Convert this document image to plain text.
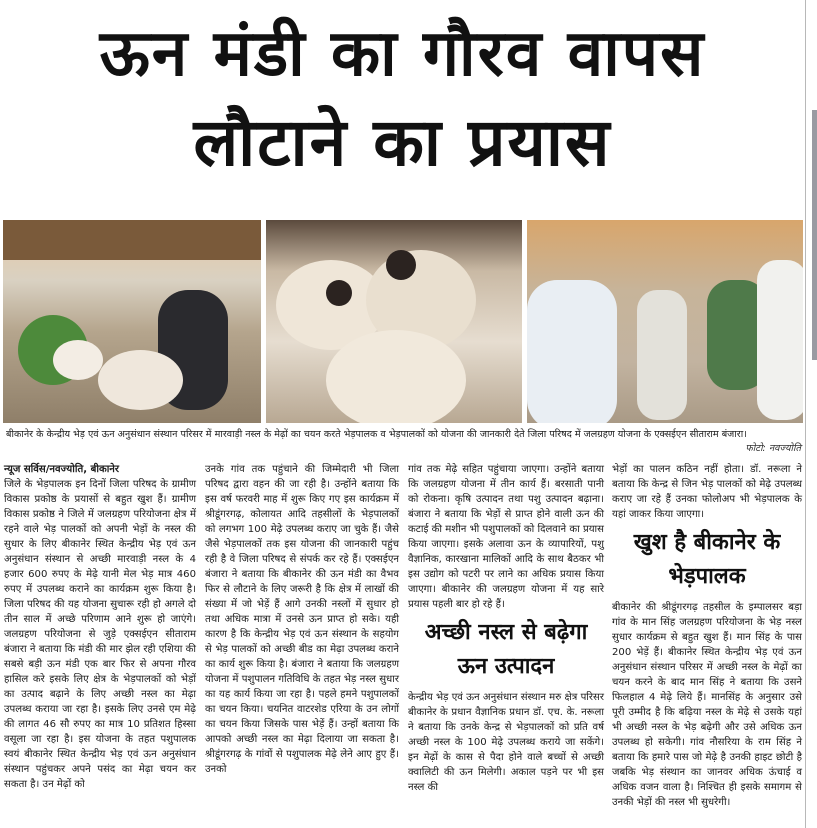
ऊन मंडी का गौरव वापस
लौटाने का प्रयास
बीकानेर के केन्द्रीय भेड़ एवं ऊन अनुसंधान संस्थान परिसर में मारवाड़ी नस्ल के मेढ़ों का चयन करते भेड़पालक व भेड़पालकों को योजना की जानकारी देते जिला परिषद में जलग्रहण योजना के एक्सईएन सीताराम बंजारा।
फोटो: नवज्योति

न्यूज सर्विस/नवज्योति, बीकानेर

जिले के भेड़पालक इन दिनों जिला परिषद के ग्रामीण विकास प्रकोष्ठ के प्रयासों से बहुत खुश हैं। ग्रामीण विकास प्रकोष्ठ ने जिले में जलग्रहण परियोजना क्षेत्र में रहने वाले भेड़ पालकों को अपनी भेड़ों के नस्ल की सुधार के लिए बीकानेर स्थित केन्द्रीय भेड़ एवं ऊन अनुसंधान संस्थान से अच्छी मारवाड़ी नस्ल के 4 हजार 600 रुपए के मेढ़े यानी मेल भेड़ मात्र 460 रुपए में उपलब्ध कराने का कार्यक्रम शुरू किया है। जिला परिषद की यह योजना सुचारू रही हो अगले दो तीन साल में अच्छे परिणाम आने शुरू हो जाएंगे। जलग्रहण परियोजना से जुड़े एक्सईएन सीताराम बंजारा ने बताया कि मंडी की मार झेल रही एशिया की सबसे बड़ी ऊन मंडी एक बार फिर से अपना गौरव हासिल करे इसके लिए क्षेत्र के भेड़पालकों को भेड़ों का उत्पाद बढ़ाने के लिए अच्छी नस्ल का मेढ़ा उपलब्ध कराया जा रहा है। इसके लिए उनसे एम मेढ़े की लागत 46 सौ रुपए का मात्र 10 प्रतिशत हिस्सा वसूला जा रहा है। इस योजना के तहत पशुपालक स्वयं बीकानेर स्थित केन्द्रीय भेड़ एवं ऊन अनुसंधान संस्थान पहुंचकर अपने पसंद का मेढ़ा चयन कर सकता है। उन मेढ़ों को

उनके गांव तक पहुंचाने की जिम्मेदारी भी जिला परिषद द्वारा वहन की जा रही है। उन्होंने बताया कि इस वर्ष फरवरी माह में शुरू किए गए इस कार्यक्रम में श्रीडूंगरगढ़, कोलायत आदि तहसीलों के भेड़पालकों को लगभग 100 मेढ़े उपलब्ध कराए जा चुके हैं। जैसे जैसे भेड़पालकों तक इस योजना की जानकारी पहुंच रही है वे जिला परिषद से संपर्क कर रहे हैं। एक्सईएन बंजारा ने बताया कि बीकानेर की ऊन मंडी का वैभव फिर से लौटाने के लिए जरूरी है कि क्षेत्र में लाखों की संख्या में जो भेड़ें हैं आगे उनकी नस्लों में सुधार हो तथा अधिक मात्रा में उनसे ऊन प्राप्त हो सके। यही कारण है कि केन्द्रीय भेड़ एवं ऊन संस्थान के सहयोग से भेड़ पालकों को अच्छी बीड का मेढ़ा उपलब्ध कराने का कार्य शुरू किया है। बंजारा ने बताया कि जलग्रहण योजना में पशुपालन गतिविधि के तहत भेड़ नस्ल सुधार का यह कार्य किया जा रहा है। पहले हमने पशुपालकों का चयन किया। चयनित वाटरशेड एरिया के उन लोगों का चयन किया जिसके पास भेड़ें हैं। उन्हों बताया कि आपको अच्छी नस्ल का मेढ़ा दिलाया जा सकता है। श्रीडूंगरगढ़ के गांवों से पशुपालक मेढ़े लेने आए हुए हैं। उनको

गांव तक मेढ़े सहित पहुंचाया जाएगा। उन्होंने बताया कि जलग्रहण योजना में तीन कार्य हैं। बरसाती पानी को रोकना। कृषि उत्पादन तथा पशु उत्पादन बढ़ाना। बंजारा ने बताया कि भेड़ों से प्राप्त होने वाली ऊन की कटाई की मशीन भी पशुपालकों को दिलवाने का प्रयास किया जाएगा। इसके अलावा ऊन के व्यापारियों, पशु वैज्ञानिक, कारखाना मालिकों आदि के साथ बैठकर भी इस उद्योग को पटरी पर लाने का अधिक प्रयास किया जाएगा। बीकानेर की जलग्रहण योजना में यह सारे प्रयास पहली बार हो रहे हैं।

अच्छी नस्ल से बढ़ेगा ऊन उत्पादन

केन्द्रीय भेड़ एवं ऊन अनुसंधान संस्थान मरु क्षेत्र परिसर बीकानेर के प्रधान वैज्ञानिक प्रधान डॉ. एच. के. नरूला ने बताया कि उनके केन्द्र से भेड़पालकों को प्रति वर्ष अच्छी नस्ल के 100 मेढ़े उपलब्ध कराये जा सकेंगे। इन मेढ़ों के कास से पैदा होने वाले बच्चों से अच्छी क्वालिटी की ऊन मिलेगी। अकाल पड़ने पर भी इस नस्ल की

भेड़ों का पालन कठिन नहीं होता। डॉ. नरूला ने बताया कि केन्द्र से जिन भेड़ पालकों को मेढ़े उपलब्ध कराए जा रहे हैं उनका फोलोअप भी भेड़पालक के यहां जाकर किया जाएगा।

खुश है बीकानेर के भेड़पालक

बीकानेर की श्रीडूंगरगढ़ तहसील के इम्पालसर बड़ा गांव के मान सिंह जलग्रहण परियोजना के भेड़ नस्ल सुधार कार्यक्रम से बहुत खुश हैं। मान सिंह के पास 200 भेड़ें हैं। बीकानेर स्थित केन्द्रीय भेड़ एवं ऊन अनुसंधान संस्थान परिसर में अच्छी नस्ल के मेढ़ों का चयन करने के बाद मान सिंह ने बताया कि उसने फिलहाल 4 मेढ़े लिये हैं। मानसिंह के अनुसार उसे पूरी उम्मीद है कि बढ़िया नस्ल के मेढ़े से उसके यहां भी अच्छी नस्ल के भेड़ बढ़ेगी और उसे अधिक ऊन उपलब्ध हो सकेगी। गांव नौसरिया के राम सिंह ने बताया कि हमारे पास जो मेढ़े है उनकी हाइट छोटी है जबकि भेड़ संस्थान का जानवर अधिक ऊंचाई व अधिक वजन वाला है। निश्चित ही इसके समागम से उनकी भेड़ों की नस्ल भी सुधरेगी।
